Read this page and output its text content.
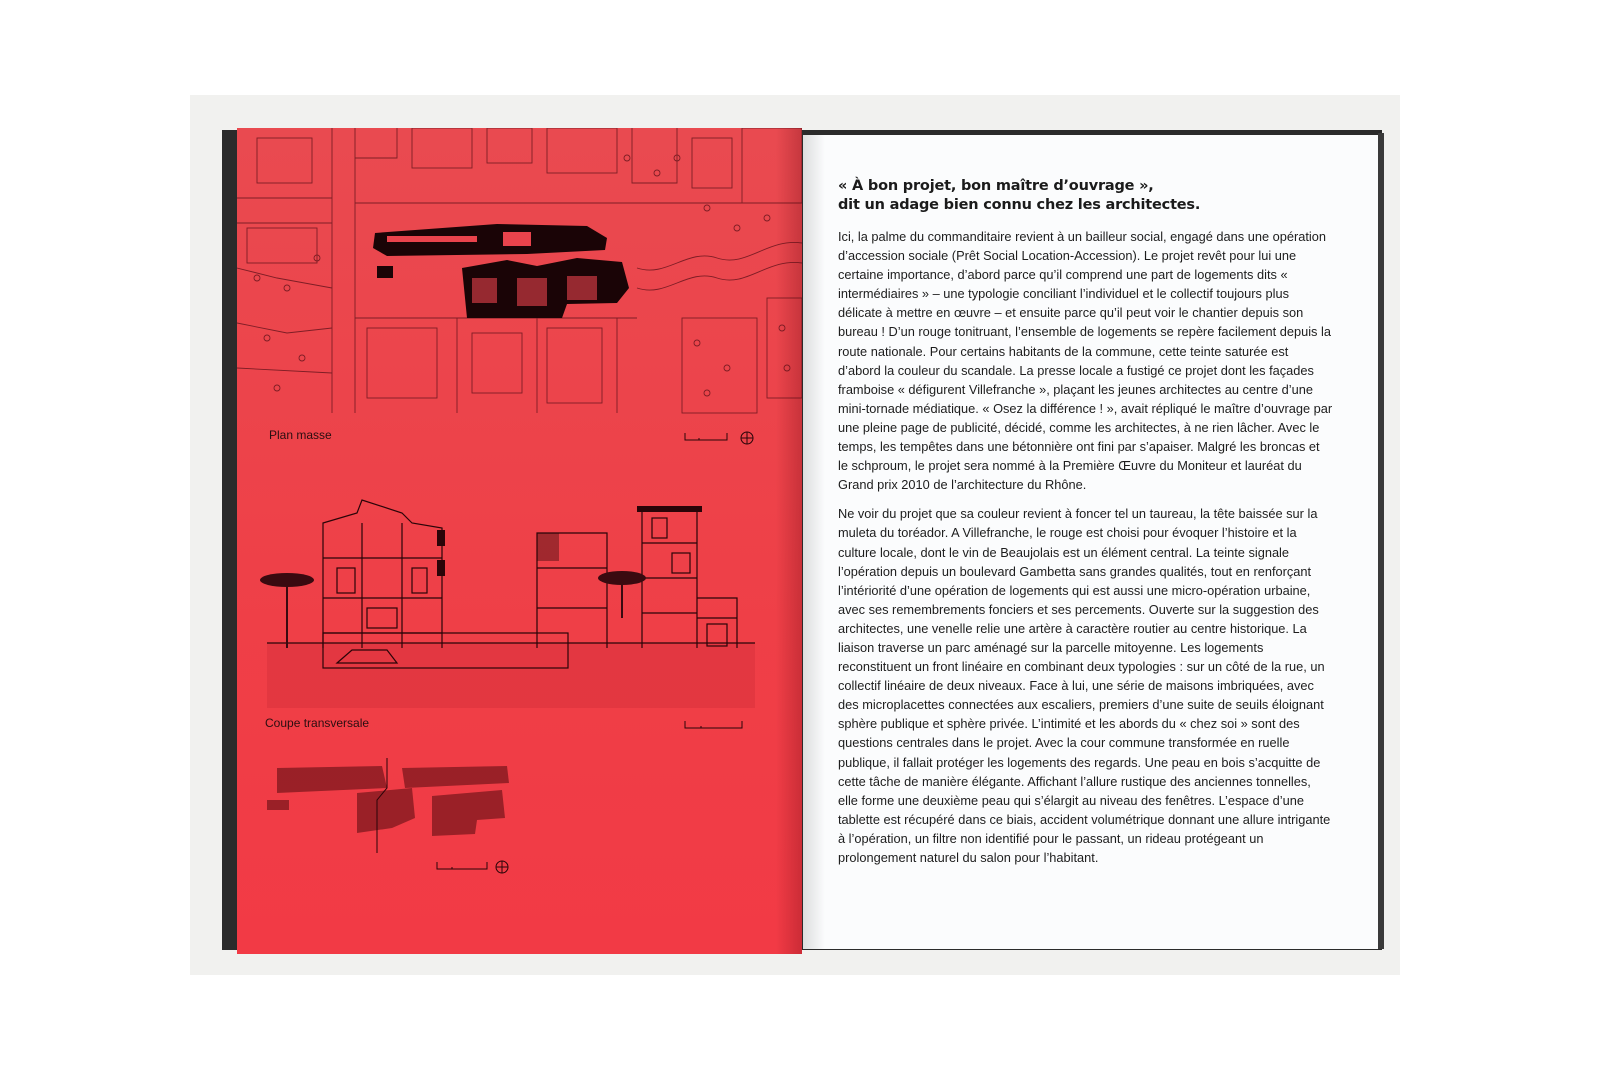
Plan masse
Coupe transversale
« À bon projet, bon maître d’ouvrage »,
dit un adage bien connu chez les architectes.

Ici, la palme du commanditaire revient à un bailleur social, engagé dans une opération d’accession sociale (Prêt Social Location-Accession). Le projet revêt pour lui une certaine importance, d’abord parce qu’il comprend une part de logements dits « intermédiaires » – une typologie conciliant l’individuel et le collectif toujours plus délicate à mettre en œuvre – et ensuite parce qu’il peut voir le chantier depuis son bureau ! D’un rouge tonitruant, l’ensemble de logements se repère facilement depuis la route nationale. Pour certains habitants de la commune, cette teinte saturée est d’abord la couleur du scandale. La presse locale a fustigé ce projet dont les façades framboise « défigurent Villefranche », plaçant les jeunes architectes au centre d’une mini-tornade médiatique. « Osez la différence ! », avait répliqué le maître d’ouvrage par une pleine page de publicité, décidé, comme les architectes, à ne rien lâcher. Avec le temps, les tempêtes dans une bétonnière ont fini par s’apaiser. Malgré les broncas et le schproum, le projet sera nommé à la Première Œuvre du Moniteur et lauréat du Grand prix 2010 de l’architecture du Rhône.

Ne voir du projet que sa couleur revient à foncer tel un taureau, la tête baissée sur la muleta du toréador. A Villefranche, le rouge est choisi pour évoquer l’histoire et la culture locale, dont le vin de Beaujolais est un élément central. La teinte signale l’opération depuis un boulevard Gambetta sans grandes qualités, tout en renforçant l’intériorité d’une opération de logements qui est aussi une micro-opération urbaine, avec ses remembrements fonciers et ses percements. Ouverte sur la suggestion des architectes, une venelle relie une artère à caractère routier au centre historique. La liaison traverse un parc aménagé sur la parcelle mitoyenne. Les logements reconstituent un front linéaire en combinant deux typologies : sur un côté de la rue, un collectif linéaire de deux niveaux. Face à lui, une série de maisons imbriquées, avec des microplacettes connectées aux escaliers, premiers d’une suite de seuils éloignant sphère publique et sphère privée. L’intimité et les abords du « chez soi » sont des questions centrales dans le projet. Avec la cour commune transformée en ruelle publique, il fallait protéger les logements des regards. Une peau en bois s’acquitte de cette tâche de manière élégante. Affichant l’allure rustique des anciennes tonnelles, elle forme une deuxième peau qui s’élargit au niveau des fenêtres. L’espace d’une tablette est récupéré dans ce biais, accident volumétrique donnant une allure intrigante à l’opération, un filtre non identifié pour le passant, un rideau protégeant un prolongement naturel du salon pour l’habitant.
